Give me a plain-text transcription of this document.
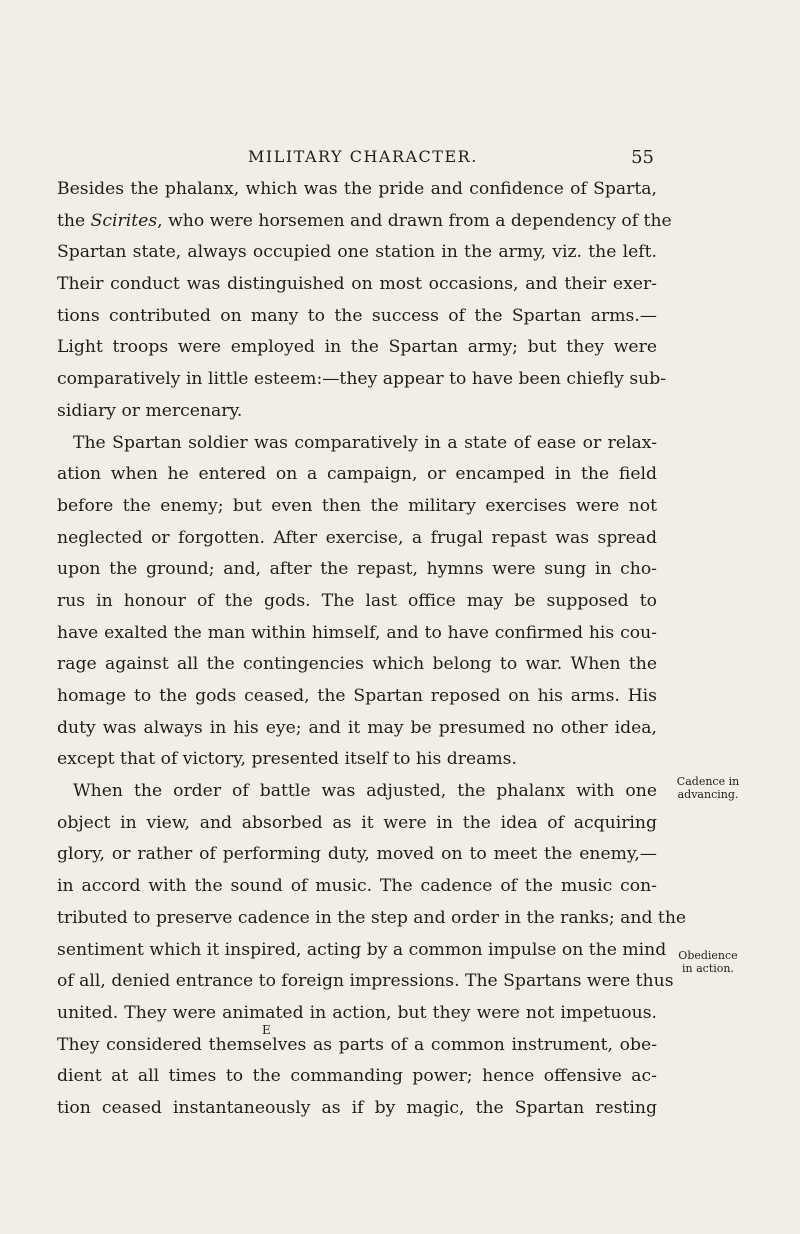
MILITARY CHARACTER.	55
Besides the phalanx, which was the pride and confidence of Sparta,
the Scirites, who were horsemen and drawn from a dependency of the
Spartan state, always occupied one station in the army, viz. the left.
Their conduct was distinguished on most occasions, and their exer-
tions contributed on many to the success of the Spartan arms.—
Light troops were employed in the Spartan army; but they were
comparatively in little esteem:—they appear to have been chiefly sub-
sidiary or mercenary.
The Spartan soldier was comparatively in a state of ease or relax-
ation when he entered on a campaign, or encamped in the field
before the enemy; but even then the military exercises were not
neglected or forgotten. After exercise, a frugal repast was spread
upon the ground; and, after the repast, hymns were sung in cho-
rus in honour of the gods. The last office may be supposed to
have exalted the man within himself, and to have confirmed his cou-
rage against all the contingencies which belong to war. When the
homage to the gods ceased, the Spartan reposed on his arms. His
duty was always in his eye; and it may be presumed no other idea,
except that of victory, presented itself to his dreams.
When the order of battle was adjusted, the phalanx with one
object in view, and absorbed as it were in the idea of acquiring
glory, or rather of performing duty, moved on to meet the enemy,—
in accord with the sound of music. The cadence of the music con-
tributed to preserve cadence in the step and order in the ranks; and the
sentiment which it inspired, acting by a common impulse on the mind
of all, denied entrance to foreign impressions. The Spartans were thus
united. They were animated in action, but they were not impetuous.
They considered themselves as parts of a common instrument, obe-
dient at all times to the commanding power; hence offensive ac-
tion ceased instantaneously as if by magic, the Spartan resting
Cadence in
advancing.
Obedience
in action.
E
